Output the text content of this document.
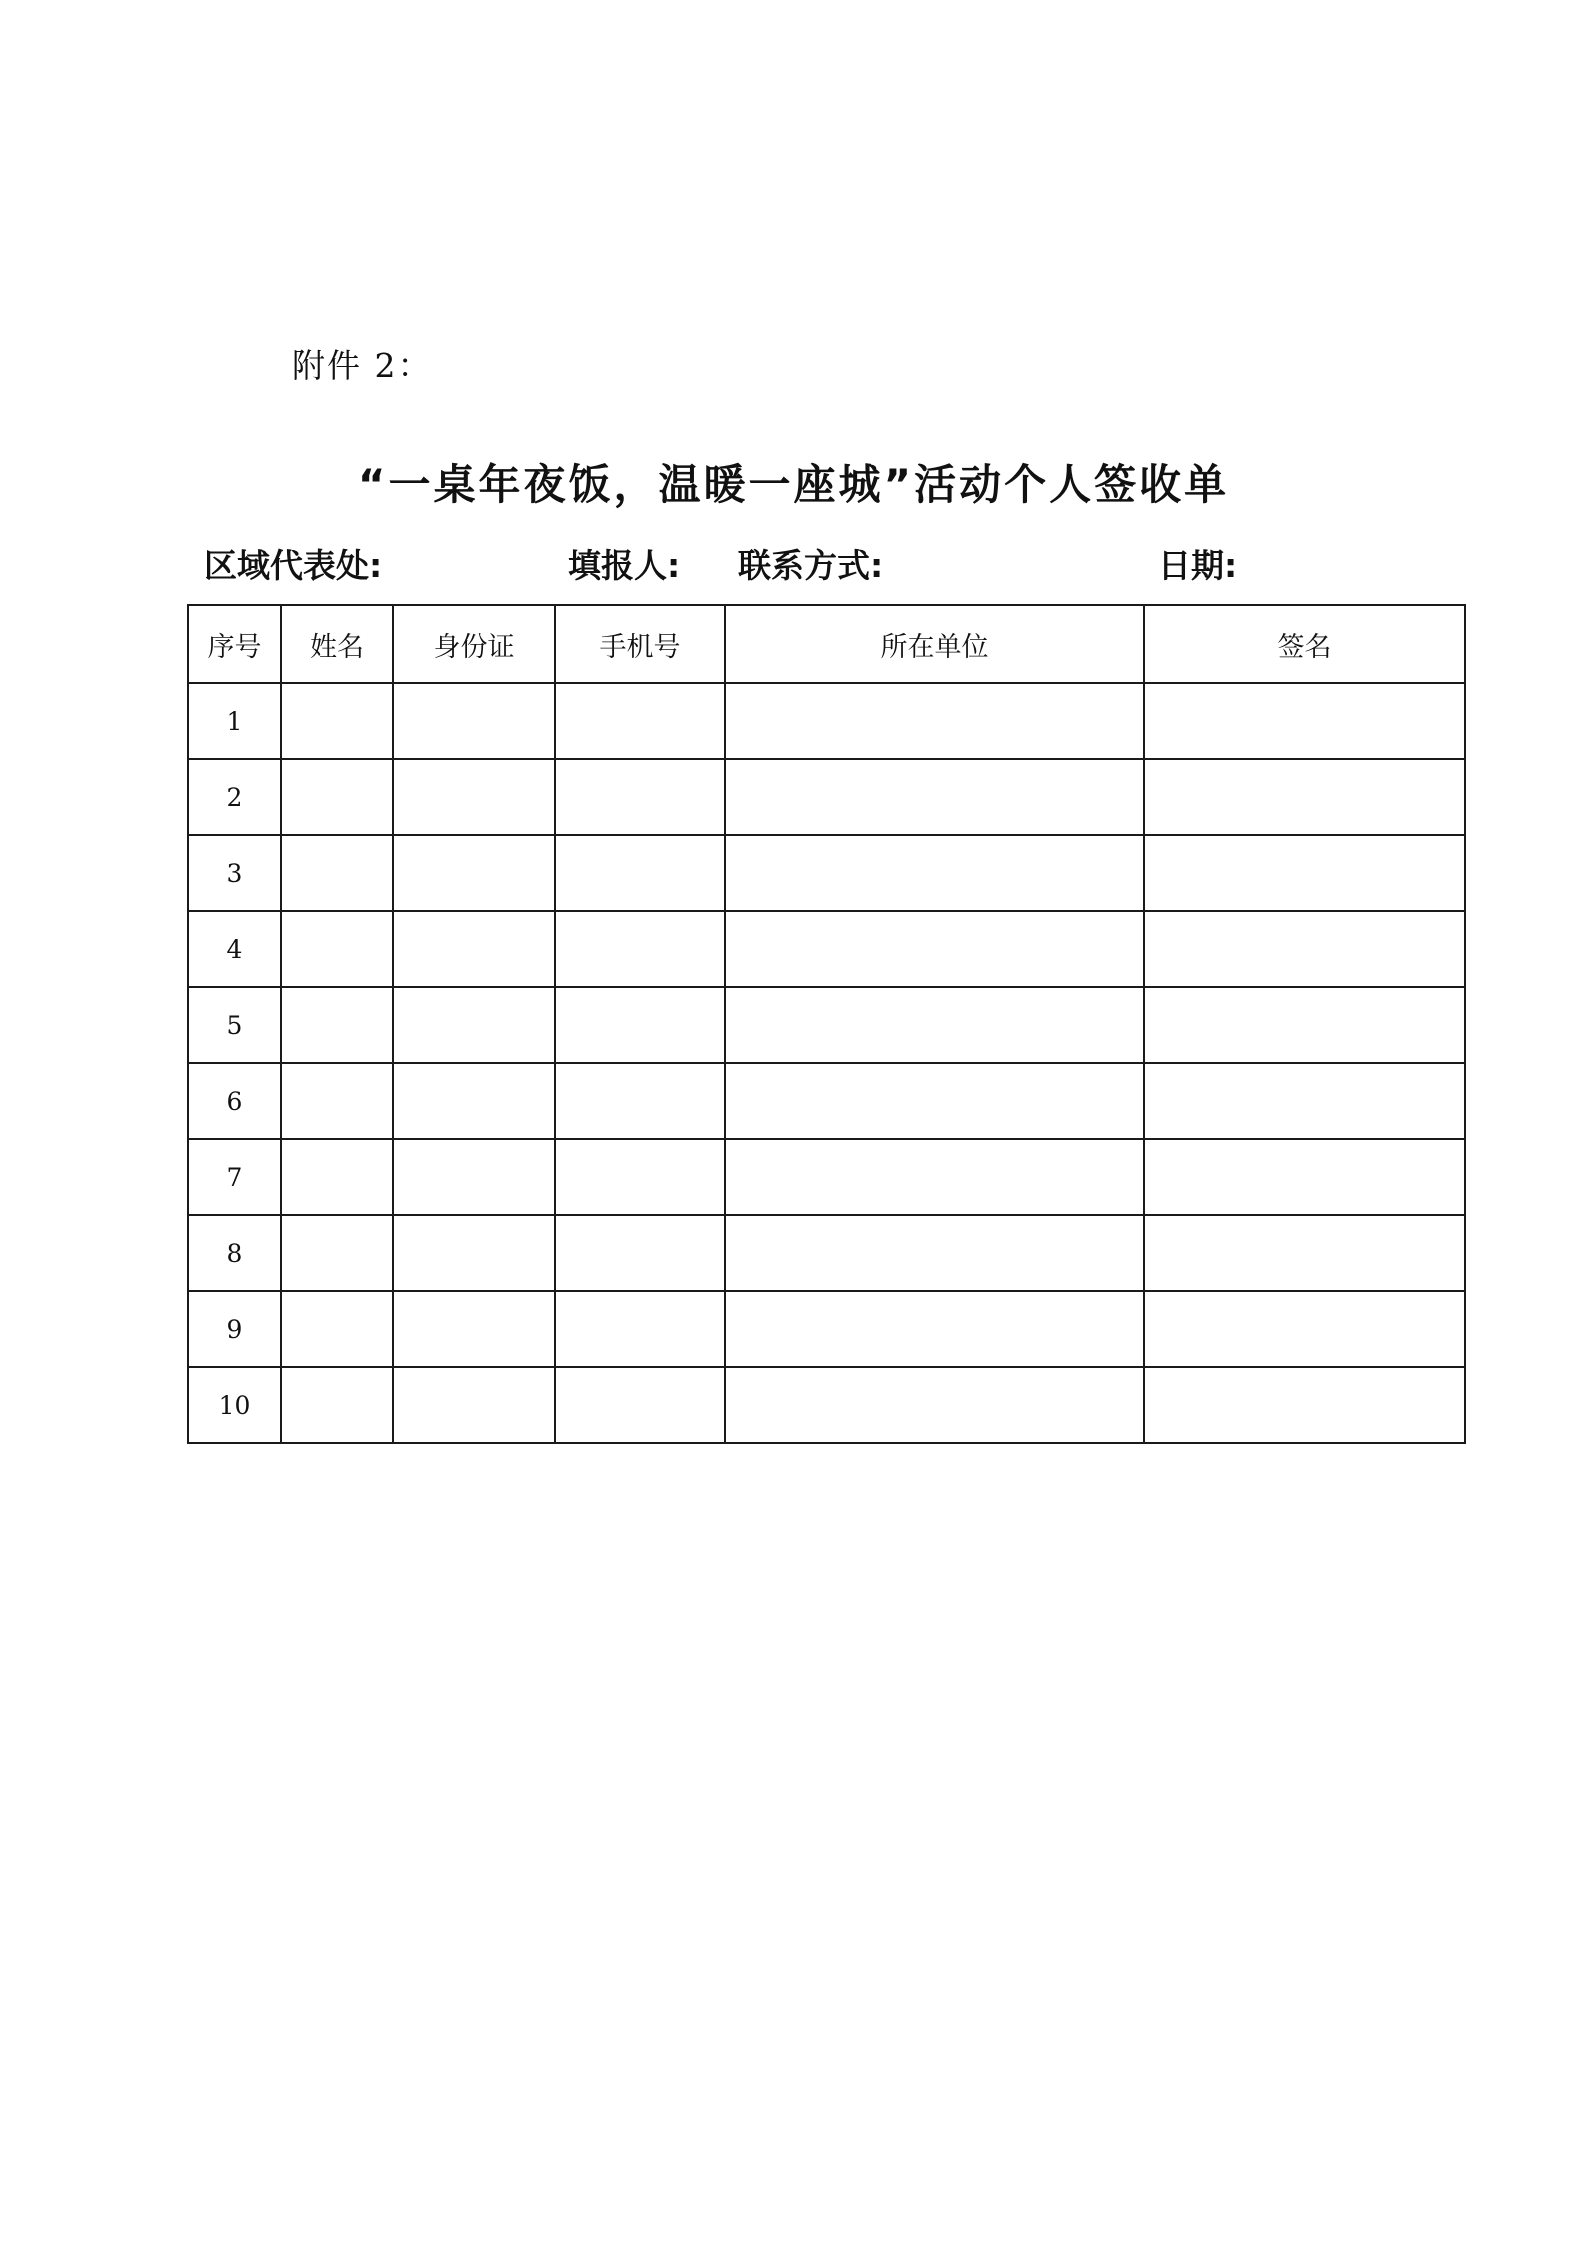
附件 2：
“一桌年夜饭，温暖一座城”活动个人签收单
区域代表处:	填报人: 联系方式:	日期:
序号	姓名	身份证	手机号	所在单位	签名
1					
2					
3					
4					
5					
6					
7					
8					
9					
10					
